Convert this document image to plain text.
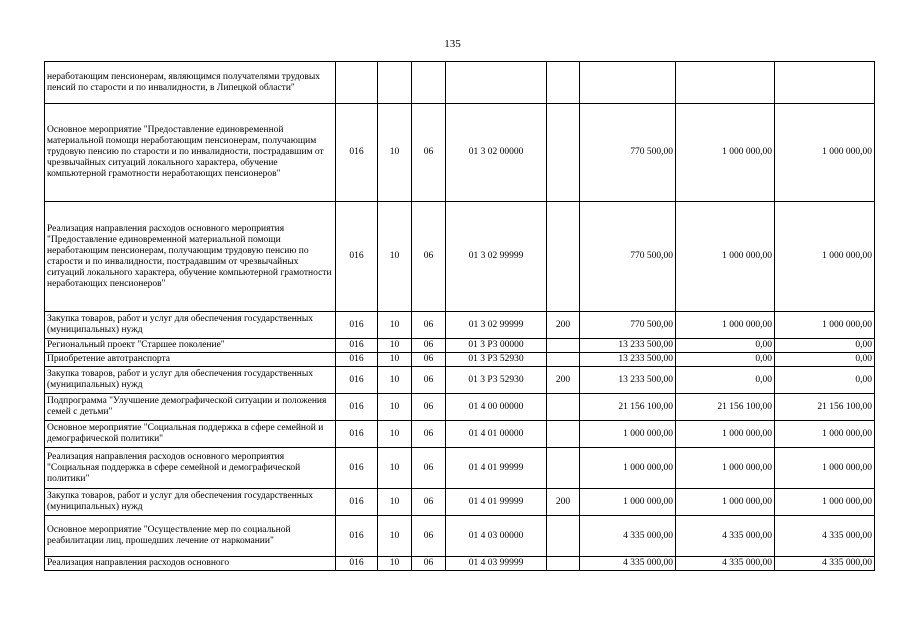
135
неработающим пенсионерам, являющимся получателями трудовых пенсий по старости и по инвалидности, в Липецкой области"								
Основное мероприятие "Предоставление единовременной материальной помощи неработающим пенсионерам, получающим трудовую пенсию по старости и по инвалидности, пострадавшим от чрезвычайных ситуаций локального характера, обучение компьютерной грамотности неработающих пенсионеров"	016	10	06	01 3 02 00000		770 500,00	1 000 000,00	1 000 000,00
Реализация направления расходов основного мероприятия "Предоставление единовременной материальной помощи неработающим пенсионерам, получающим трудовую пенсию по старости и по инвалидности, пострадавшим от чрезвычайных ситуаций локального характера, обучение компьютерной грамотности неработающих пенсионеров"	016	10	06	01 3 02 99999		770 500,00	1 000 000,00	1 000 000,00
Закупка товаров, работ и услуг для обеспечения государственных (муниципальных) нужд	016	10	06	01 3 02 99999	200	770 500,00	1 000 000,00	1 000 000,00
Региональный проект "Старшее поколение"	016	10	06	01 3 P3 00000		13 233 500,00	0,00	0,00
Приобретение автотранспорта	016	10	06	01 3 P3 52930		13 233 500,00	0,00	0,00
Закупка товаров, работ и услуг для обеспечения государственных (муниципальных) нужд	016	10	06	01 3 P3 52930	200	13 233 500,00	0,00	0,00
Подпрограмма "Улучшение демографической ситуации и положения семей с детьми"	016	10	06	01 4 00 00000		21 156 100,00	21 156 100,00	21 156 100,00
Основное мероприятие "Социальная поддержка в сфере семейной и демографической политики"	016	10	06	01 4 01 00000		1 000 000,00	1 000 000,00	1 000 000,00
Реализация направления расходов основного мероприятия "Социальная поддержка в сфере семейной и демографической политики"	016	10	06	01 4 01 99999		1 000 000,00	1 000 000,00	1 000 000,00
Закупка товаров, работ и услуг для обеспечения государственных (муниципальных) нужд	016	10	06	01 4 01 99999	200	1 000 000,00	1 000 000,00	1 000 000,00
Основное мероприятие "Осуществление мер по социальной реабилитации лиц, прошедших лечение от наркомании"	016	10	06	01 4 03 00000		4 335 000,00	4 335 000,00	4 335 000,00
Реализация направления расходов основного	016	10	06	01 4 03 99999		4 335 000,00	4 335 000,00	4 335 000,00
